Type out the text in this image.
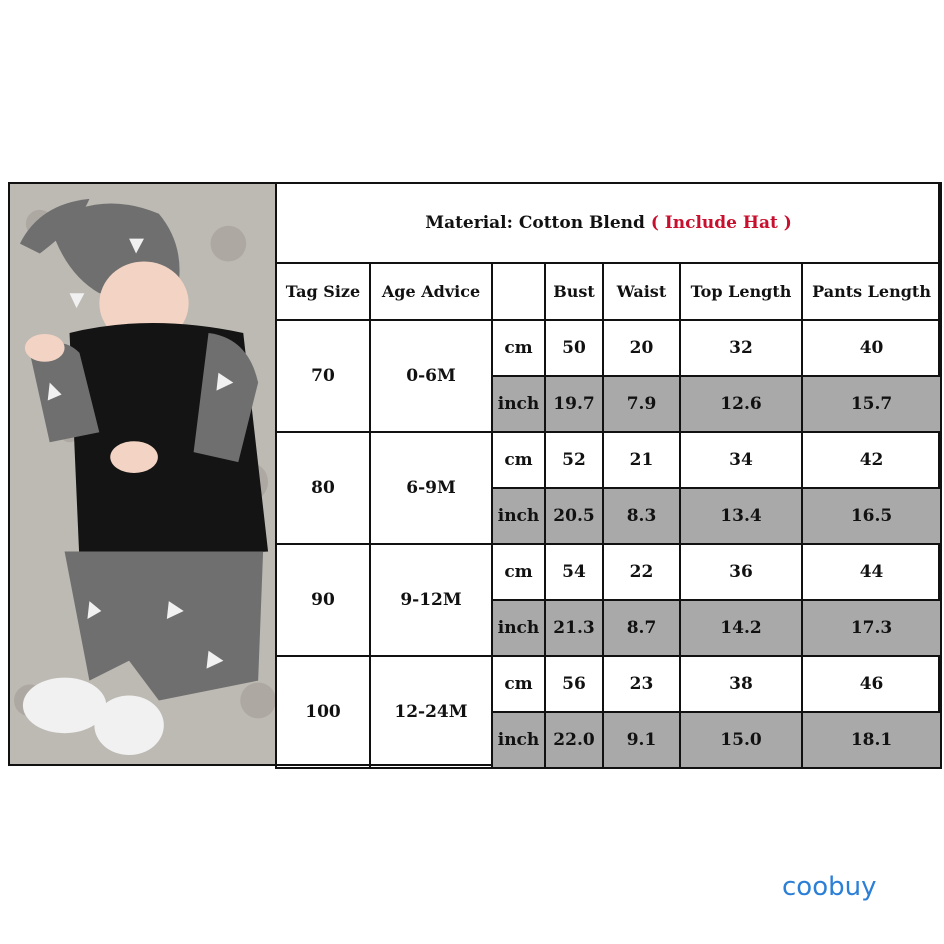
Material: Cotton Blend ( Include Hat )						
Tag Size	Age Advice		Bust	Waist	Top Length	Pants Length
70	0-6M	cm	50	20	32	40
		inch	19.7	7.9	12.6	15.7
80	6-9M	cm	52	21	34	42
		inch	20.5	8.3	13.4	16.5
90	9-12M	cm	54	22	36	44
		inch	21.3	8.7	14.2	17.3
100	12-24M	cm	56	23	38	46
		inch	22.0	9.1	15.0	18.1
coobuy
